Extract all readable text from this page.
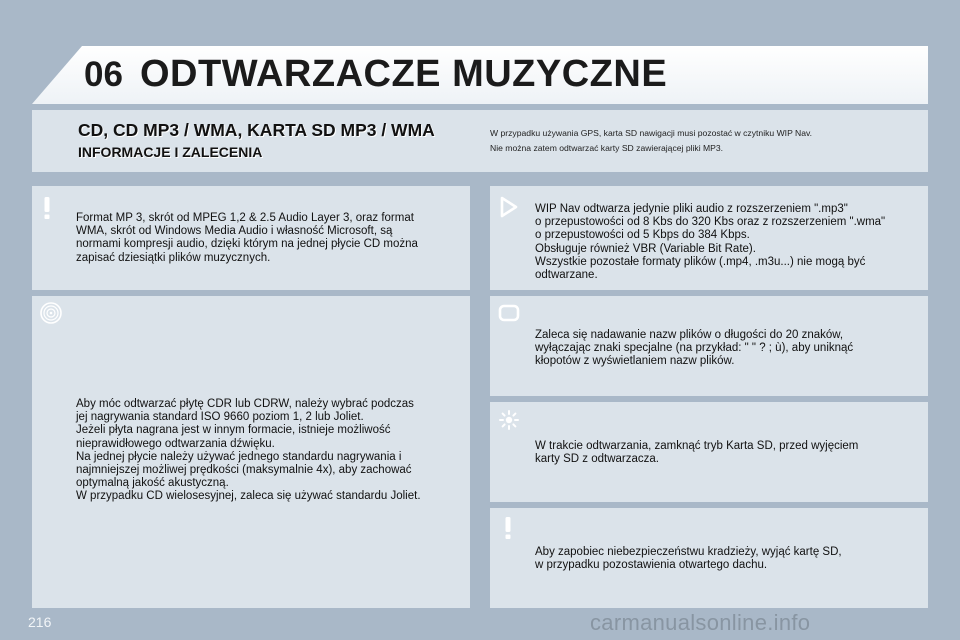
06 ODTWARZACZE MUZYCZNE
CD, CD MP3 / WMA, KARTA SD MP3 / WMA
INFORMACJE I ZALECENIA
W przypadku używania GPS, karta SD nawigacji musi pozostać w czytniku WIP Nav.
Nie można zatem odtwarzać karty SD zawierającej pliki MP3.
Format MP 3, skrót od MPEG 1,2 & 2.5 Audio Layer 3, oraz format
WMA, skrót od Windows Media Audio i własność Microsoft, są
normami kompresji audio, dzięki którym na jednej płycie CD można
zapisać dziesiątki plików muzycznych.
Aby móc odtwarzać płytę CDR lub CDRW, należy wybrać podczas
jej nagrywania standard ISO 9660 poziom 1, 2 lub Joliet.
Jeżeli płyta nagrana jest w innym formacie, istnieje możliwość
nieprawidłowego odtwarzania dźwięku.
Na jednej płycie należy używać jednego standardu nagrywania i
najmniejszej możliwej prędkości (maksymalnie 4x), aby zachować
optymalną jakość akustyczną.
W przypadku CD wielosesyjnej, zaleca się używać standardu Joliet.
WIP Nav odtwarza jedynie pliki audio z rozszerzeniem ".mp3"
o przepustowości od 8 Kbs do 320 Kbs oraz z rozszerzeniem ".wma"
o przepustowości od 5 Kbps do 384 Kbps.
Obsługuje również VBR (Variable Bit Rate).
Wszystkie pozostałe formaty plików (.mp4, .m3u...) nie mogą być
odtwarzane.
Zaleca się nadawanie nazw plików o długości do 20 znaków,
wyłączając znaki specjalne (na przykład: " " ? ; ù), aby uniknąć
kłopotów z wyświetlaniem nazw plików.
W trakcie odtwarzania, zamknąć tryb Karta SD, przed wyjęciem
karty SD z odtwarzacza.
Aby zapobiec niebezpieczeństwu kradzieży, wyjąć kartę SD,
w przypadku pozostawienia otwartego dachu.
216	carmanualsonline.info
